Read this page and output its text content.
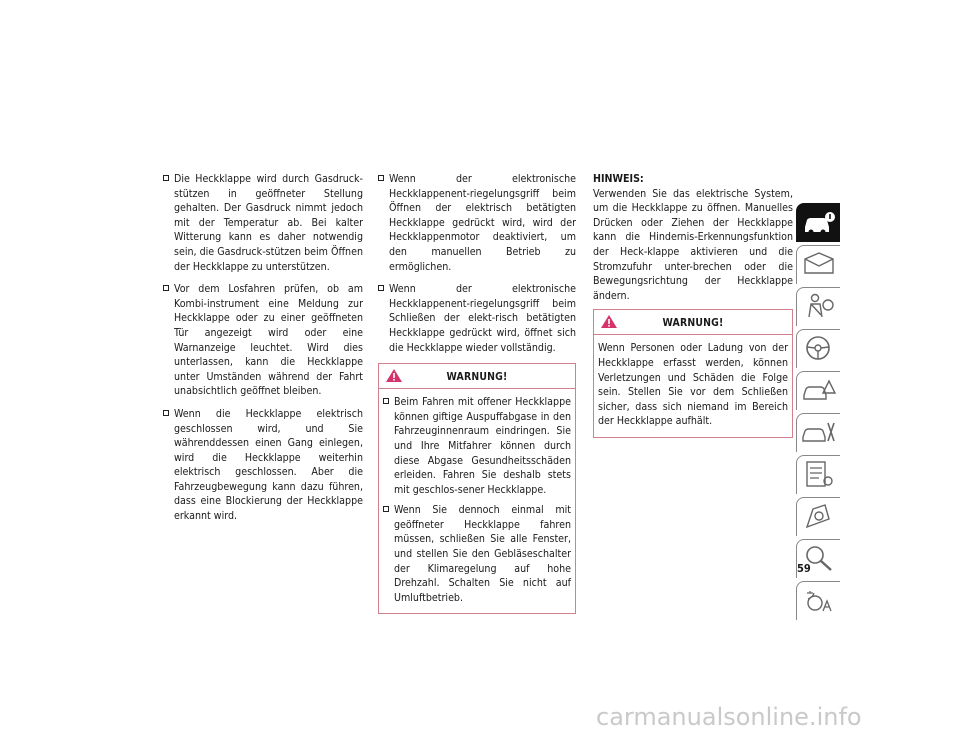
Die Heckklappe wird durch Gasdruck-stützen in geöffneter Stellung gehalten. Der Gasdruck nimmt jedoch mit der Temperatur ab. Bei kalter Witterung kann es daher notwendig sein, die Gasdruck-stützen beim Öffnen der Heckklappe zu unterstützen.
Vor dem Losfahren prüfen, ob am Kombi-instrument eine Meldung zur Heckklappe oder zu einer geöffneten Tür angezeigt wird oder eine Warnanzeige leuchtet. Wird dies unterlassen, kann die Heckklappe unter Umständen während der Fahrt unabsichtlich geöffnet bleiben.
Wenn die Heckklappe elektrisch geschlossen wird, und Sie währenddessen einen Gang einlegen, wird die Heckklappe weiterhin elektrisch geschlossen. Aber die Fahrzeugbewegung kann dazu führen, dass eine Blockierung der Heckklappe erkannt wird.
Wenn der elektronische Heckklappenent-riegelungsgriff beim Öffnen der elektrisch betätigten Heckklappe gedrückt wird, wird der Heckklappenmotor deaktiviert, um den manuellen Betrieb zu ermöglichen.
Wenn der elektronische Heckklappenent-riegelungsgriff beim Schließen der elekt-risch betätigten Heckklappe gedrückt wird, öffnet sich die Heckklappe wieder vollständig.
WARNUNG!
Beim Fahren mit offener Heckklappe können giftige Auspuffabgase in den Fahrzeuginnenraum eindringen. Sie und Ihre Mitfahrer können durch diese Abgase Gesundheitsschäden erleiden. Fahren Sie deshalb stets mit geschlos-sener Heckklappe.
Wenn Sie dennoch einmal mit geöffneter Heckklappe fahren müssen, schließen Sie alle Fenster, und stellen Sie den Gebläseschalter der Klimaregelung auf hohe Drehzahl. Schalten Sie nicht auf Umluftbetrieb.
HINWEIS:

Verwenden Sie das elektrische System, um die Heckklappe zu öffnen. Manuelles Drücken oder Ziehen der Heckklappe kann die Hindernis-Erkennungsfunktion der Heck-klappe aktivieren und die Stromzufuhr unter-brechen oder die Bewegungsrichtung der Heckklappe ändern.

WARNUNG!

Wenn Personen oder Ladung von der Heckklappe erfasst werden, können Verletzungen und Schäden die Folge sein. Stellen Sie vor dem Schließen sicher, dass sich niemand im Bereich der Heckklappe aufhält.

59
carmanualsonline.info
